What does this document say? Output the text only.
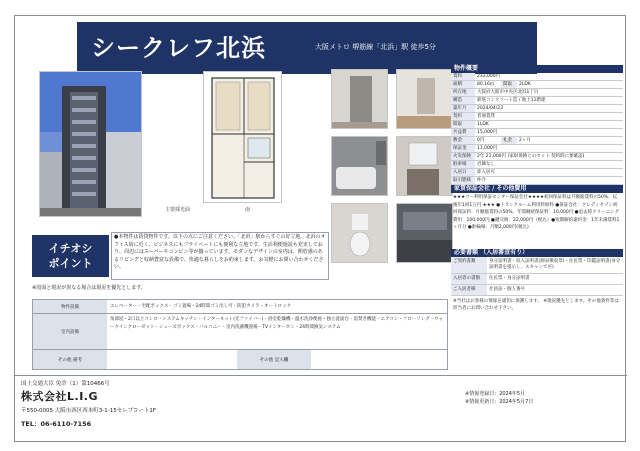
シークレフ北浜	大阪メトロ 堺筋線「北浜」駅 徒歩5分
主要採光面	南
物件概要
賃料	233,000円
面積	80.16㎡	間取	2LDK
所在地	大阪府大阪市中央区北浜1丁目
構造	鉄筋コンクリート造 / 地上11階建
築年月	2024/04/23
契約	普通賃貸
間取	1LDK
共益費	15,000円
敷金	0円	礼金	2ヶ月
保証金	11,000円
火災保険	2年 21,000円 (家財保険とのセット 契約時に要確認)
駐車場	近隣なし
入居日	即入居可
取引態様	仲介
家賃保証会社 / その他費用
★★★ツー利用保証センター保証会社★★★★初回保証料は月額総賃料の50%、以後年1回1万円 ★★★ ●トランクルーム利用料無料 ●保証会社：クレディセゾン初回保証料：月額総賃料の50%、年間継続保証料：10,000円 ●退去時クリーニング費用：100,000円 ●鍵交換：22,000円（税込）●短期解約違約金：1年未満賃料1ヶ月分 ●駐輪場：月額2,000円(税込)
必要書類 （入居審査有り）
ご契約書類	身分証明書・収入証明書(源泉徴収票)・住民票・印鑑証明書(身分証明書を提示し、スキャンで可)
入居者の書類	住民票・身分証明書
ご入居者様	社員証・個人番号
※当社はお客様の情報を適切に保護します。 ※現況優先とします。その他条件等は担当者にお問い合わせ下さい。
イチオシ
ポイント
●本物件は賃貸物件です。以下の点にご注意ください。「北浜」駅からすぐの好立地、北浜のオフィス街に近く、ビジネスにもプライベートにも便利な立地です。生活利便施設も充実しており、周辺にはスーパーやコンビニ等が揃っています。モダンなデザインの室内は、開放感のあるリビングと収納豊富な設備で、快適な暮らしをお約束します。お気軽にお問い合わせください。
※図面と現況が異なる場合は現況を優先とします。
物件設備	エレベーター・宅配ボックス・ゴミ置場・24時間ゴミ出し可・防犯カメラ・オートロック
室内設備
角部屋・2口以上コンロ・システムキッチン・インターネット(光ファイバー)・浴室乾燥機・温水洗浄便座・独立洗面台・追焚き機能・エアコン・フローリング・ウォークインクローゼット・シューズボックス・バルコニー・室内洗濯機置場・TVインターホン・24時間換気システム
その他 備考	その他 記入欄
国土交通大臣 免許（1）第10466号
株式会社L.I.G
〒550-0005 大阪市西区西本町3-1-15セレブコート1F
TEL：06-6110-7156
※情報登録日：2024年5月
※情報更新日：2024年5月7日
